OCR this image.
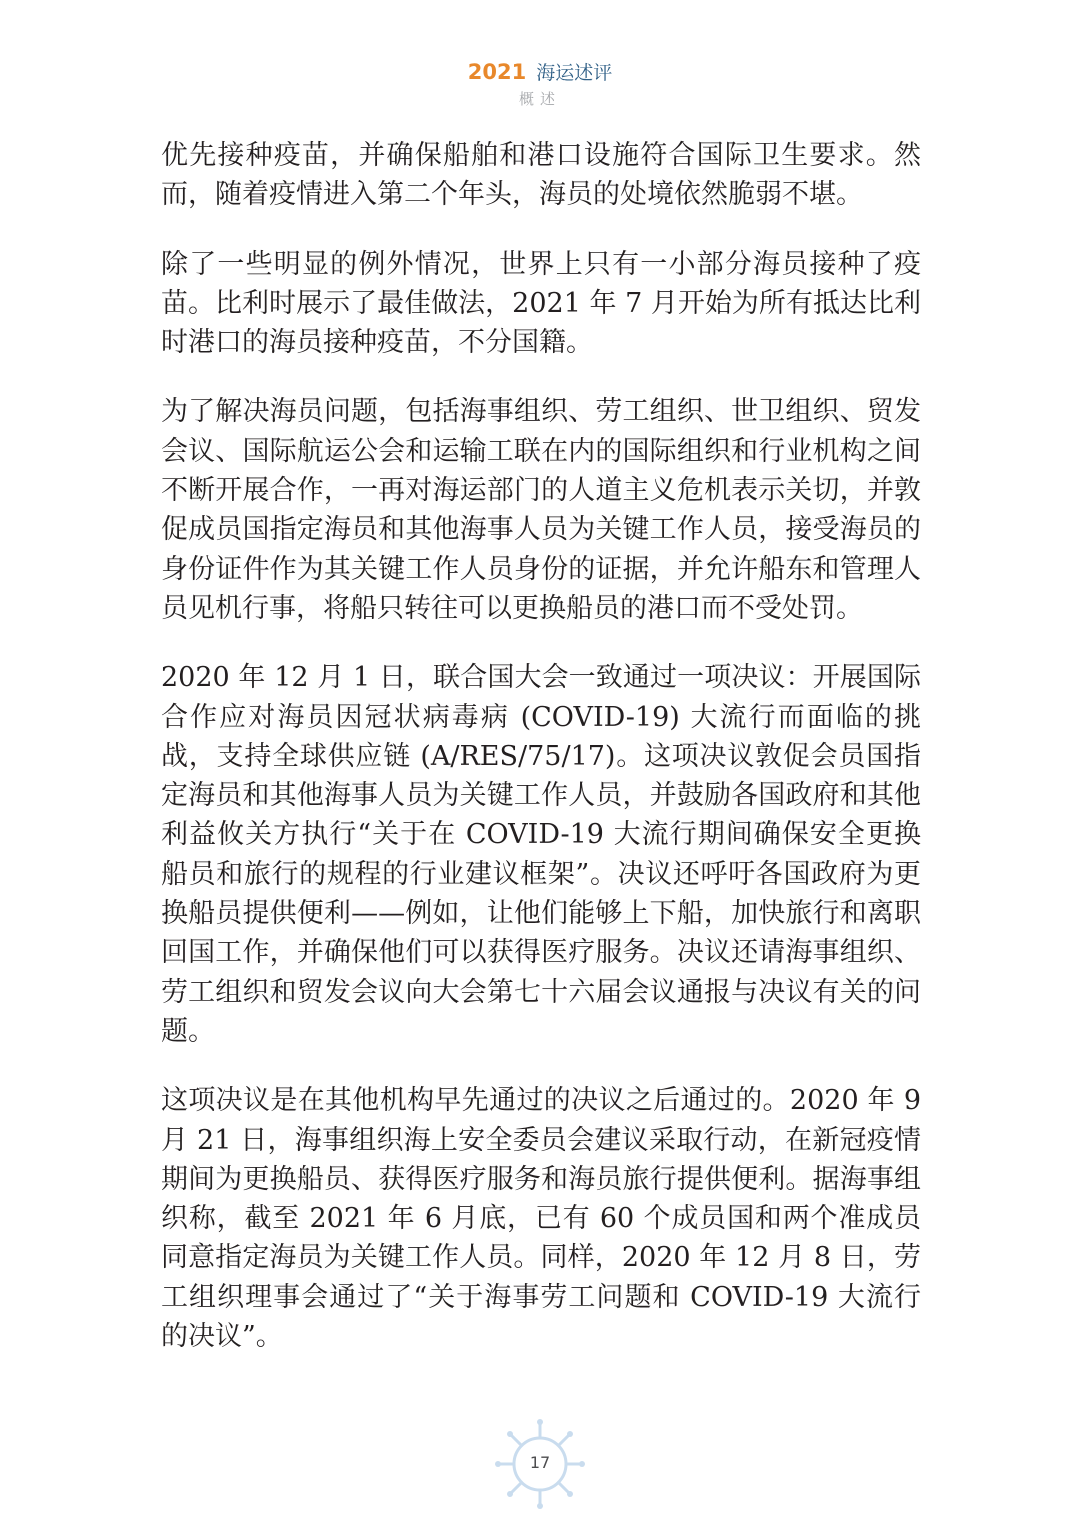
2021 海运述评
概述

优先接种疫苗，并确保船舶和港口设施符合国际卫生要求。然而，随着疫情进入第二个年头，海员的处境依然脆弱不堪。

除了一些明显的例外情况，世界上只有一小部分海员接种了疫苗。比利时展示了最佳做法，2021 年 7 月开始为所有抵达比利时港口的海员接种疫苗，不分国籍。

为了解决海员问题，包括海事组织、劳工组织、世卫组织、贸发会议、国际航运公会和运输工联在内的国际组织和行业机构之间不断开展合作，一再对海运部门的人道主义危机表示关切，并敦促成员国指定海员和其他海事人员为关键工作人员，接受海员的身份证件作为其关键工作人员身份的证据，并允许船东和管理人员见机行事，将船只转往可以更换船员的港口而不受处罚。

2020 年 12 月 1 日，联合国大会一致通过一项决议：开展国际合作应对海员因冠状病毒病 (COVID-19) 大流行而面临的挑战，支持全球供应链 (A/RES/75/17)。这项决议敦促会员国指定海员和其他海事人员为关键工作人员，并鼓励各国政府和其他利益攸关方执行“关于在 COVID-19 大流行期间确保安全更换船员和旅行的规程的行业建议框架”。决议还呼吁各国政府为更换船员提供便利——例如，让他们能够上下船，加快旅行和离职回国工作，并确保他们可以获得医疗服务。决议还请海事组织、劳工组织和贸发会议向大会第七十六届会议通报与决议有关的问题。

这项决议是在其他机构早先通过的决议之后通过的。2020 年 9 月 21 日，海事组织海上安全委员会建议采取行动，在新冠疫情期间为更换船员、获得医疗服务和海员旅行提供便利。据海事组织称，截至 2021 年 6 月底，已有 60 个成员国和两个准成员同意指定海员为关键工作人员。同样，2020 年 12 月 8 日，劳工组织理事会通过了“关于海事劳工问题和 COVID-19 大流行的决议”。

17
